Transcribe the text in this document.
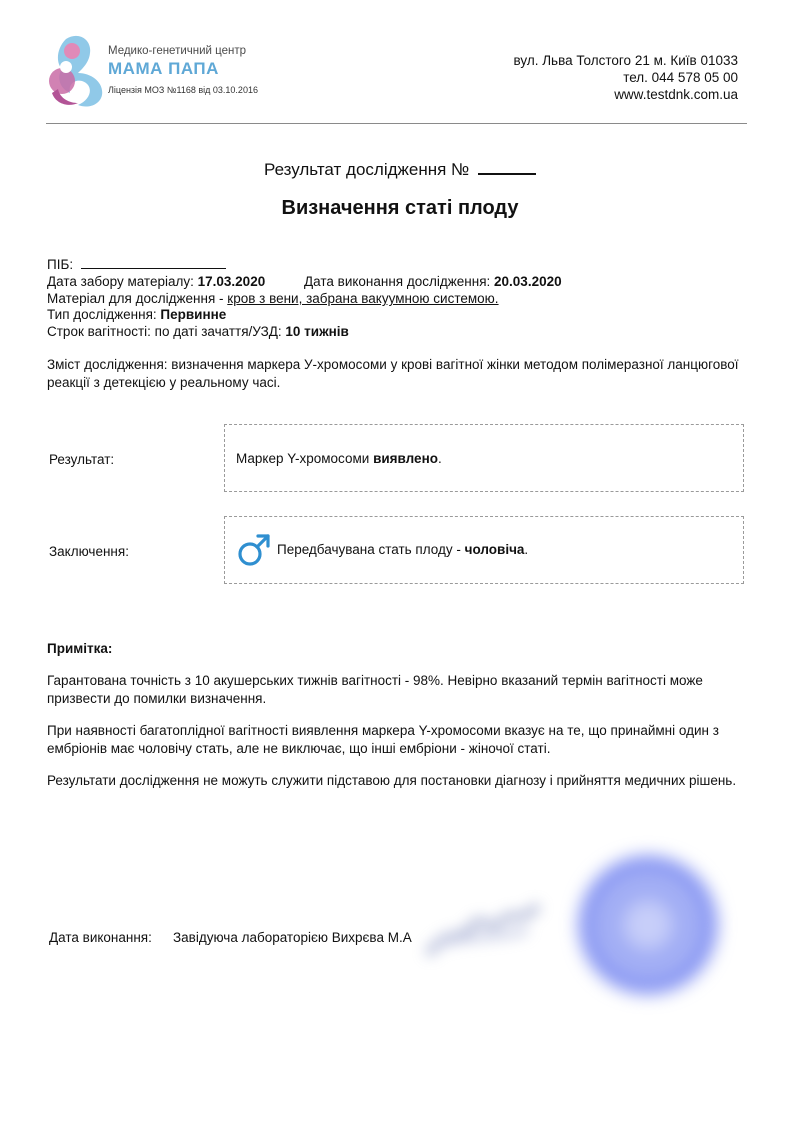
Медико-генетичний центр
МАМА ПАПА
Ліцензія МОЗ №1168 від 03.10.2016
вул. Льва Толстого 21 м. Київ 01033
тел. 044 578 05 00
www.testdnk.com.ua
Результат дослідження №
Визначення статі плоду
ПІБ:
Дата забору матеріалу: 17.03.2020	Дата виконання дослідження: 20.03.2020
Матеріал для дослідження - кров з вени, забрана вакуумною системою.
Тип дослідження: Первинне
Строк вагітності: по даті зачаття/УЗД: 10 тижнів
Зміст дослідження: визначення маркера У-хромосоми у крові вагітної жінки методом полімеразної ланцюгової реакції з детекцією у реальному часі.
Результат:	Маркер Y-хромосоми виявлено.
Заключення:	Передбачувана стать плоду - чоловіча.
Примітка:
Гарантована точність з 10 акушерських тижнів вагітності - 98%. Невірно вказаний термін вагітності може призвести до помилки визначення.
При наявності багатоплідної вагітності виявлення маркера Y-хромосоми вказує на те, що принаймні один з ембріонів має чоловічу стать, але не виключає, що інші ембріони - жіночої статі.
Результати дослідження не можуть служити підставою для постановки діагнозу і прийняття медичних рішень.
Дата виконання: Завідуюча лабораторією Вихрєва М.А
